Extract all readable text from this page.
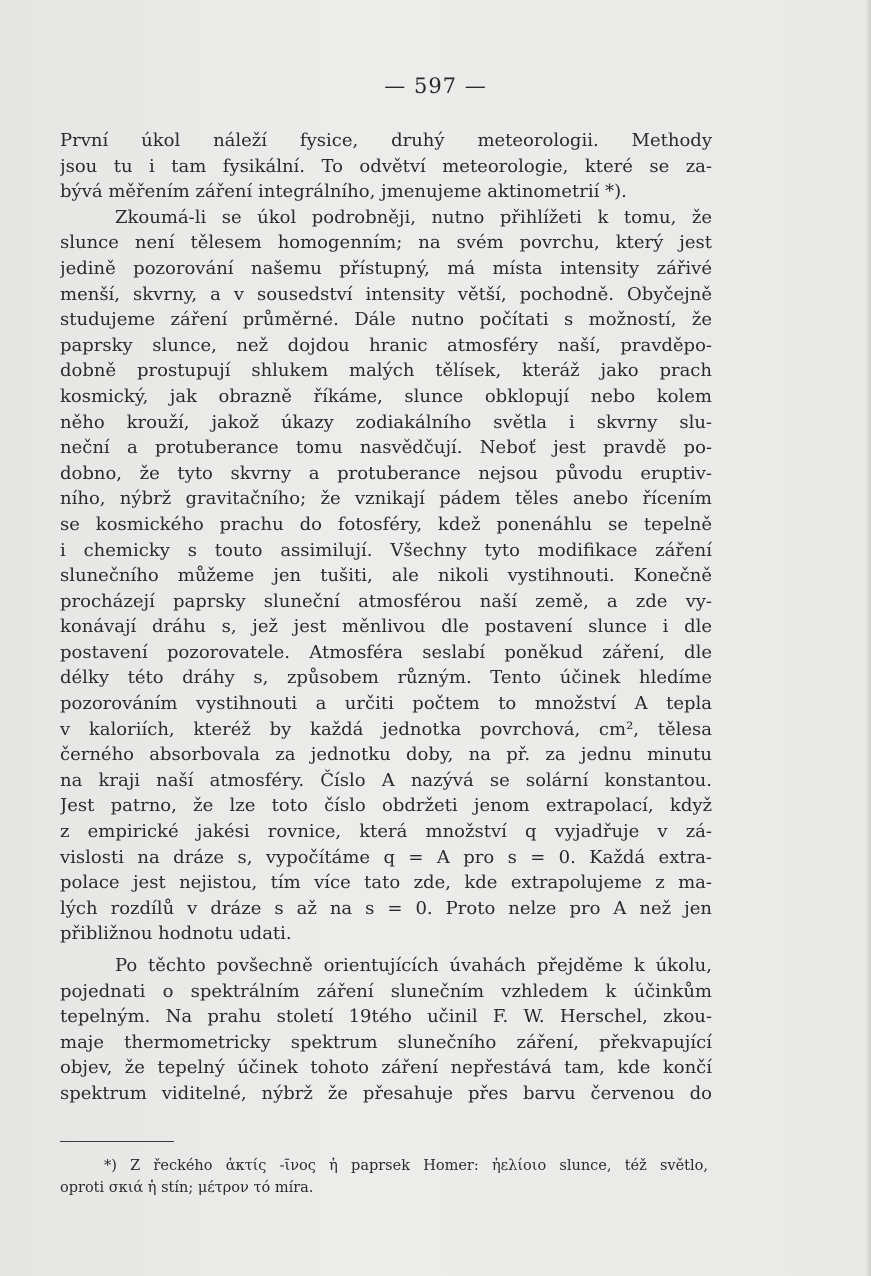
— 597 —

První úkol náleží fysice, druhý meteorologii. Methody

jsou tu i tam fysikální. To odvětví meteorologie, které se za-

bývá měřením záření integrálního, jmenujeme aktinometrií *).

Zkoumá-li se úkol podrobněji, nutno přihlížeti k tomu, že

slunce není tělesem homogenním; na svém povrchu, který jest

jedině pozorování našemu přístupný, má místa intensity zářivé

menší, skvrny, a v sousedství intensity větší, pochodně. Obyčejně

studujeme záření průměrné. Dále nutno počítati s možností, že

paprsky slunce, než dojdou hranic atmosféry naší, pravděpo-

dobně prostupují shlukem malých tělísek, kteráž jako prach

kosmický, jak obrazně říkáme, slunce obklopují nebo kolem

něho krouží, jakož úkazy zodiakálního světla i skvrny slu-

neční a protuberance tomu nasvědčují. Neboť jest pravdě po-

dobno, že tyto skvrny a protuberance nejsou původu eruptiv-

ního, nýbrž gravitačního; že vznikají pádem těles anebo řícením

se kosmického prachu do fotosféry, kdež ponenáhlu se tepelně

i chemicky s touto assimilují. Všechny tyto modifikace záření

slunečního můžeme jen tušiti, ale nikoli vystihnouti. Konečně

procházejí paprsky sluneční atmosférou naší země, a zde vy-

konávají dráhu s, jež jest měnlivou dle postavení slunce i dle

postavení pozorovatele. Atmosféra seslabí poněkud záření, dle

délky této dráhy s, způsobem různým. Tento účinek hledíme

pozorováním vystihnouti a určiti počtem to množství A tepla

v kaloriích, kteréž by každá jednotka povrchová, cm², tělesa

černého absorbovala za jednotku doby, na př. za jednu minutu

na kraji naší atmosféry. Číslo A nazývá se solární konstantou.

Jest patrno, že lze toto číslo obdržeti jenom extrapolací, když

z empirické jakési rovnice, která množství q vyjadřuje v zá-

vislosti na dráze s, vypočítáme q = A pro s = 0. Každá extra-

polace jest nejistou, tím více tato zde, kde extrapolujeme z ma-

lých rozdílů v dráze s až na s = 0. Proto nelze pro A než jen

přibližnou hodnotu udati.

Po těchto povšechně orientujících úvahách přejděme k úkolu,

pojednati o spektrálním záření slunečním vzhledem k účinkům

tepelným. Na prahu století 19tého učinil F. W. Herschel, zkou-

maje thermometricky spektrum slunečního záření, překvapující

objev, že tepelný účinek tohoto záření nepřestává tam, kde končí

spektrum viditelné, nýbrž že přesahuje přes barvu červenou do

*) Z řeckého ἀκτίς -ῖνος ἡ paprsek Homer: ἠελίοιο slunce, též světlo,

oproti σκιά ἡ stín; μέτρον τό míra.
